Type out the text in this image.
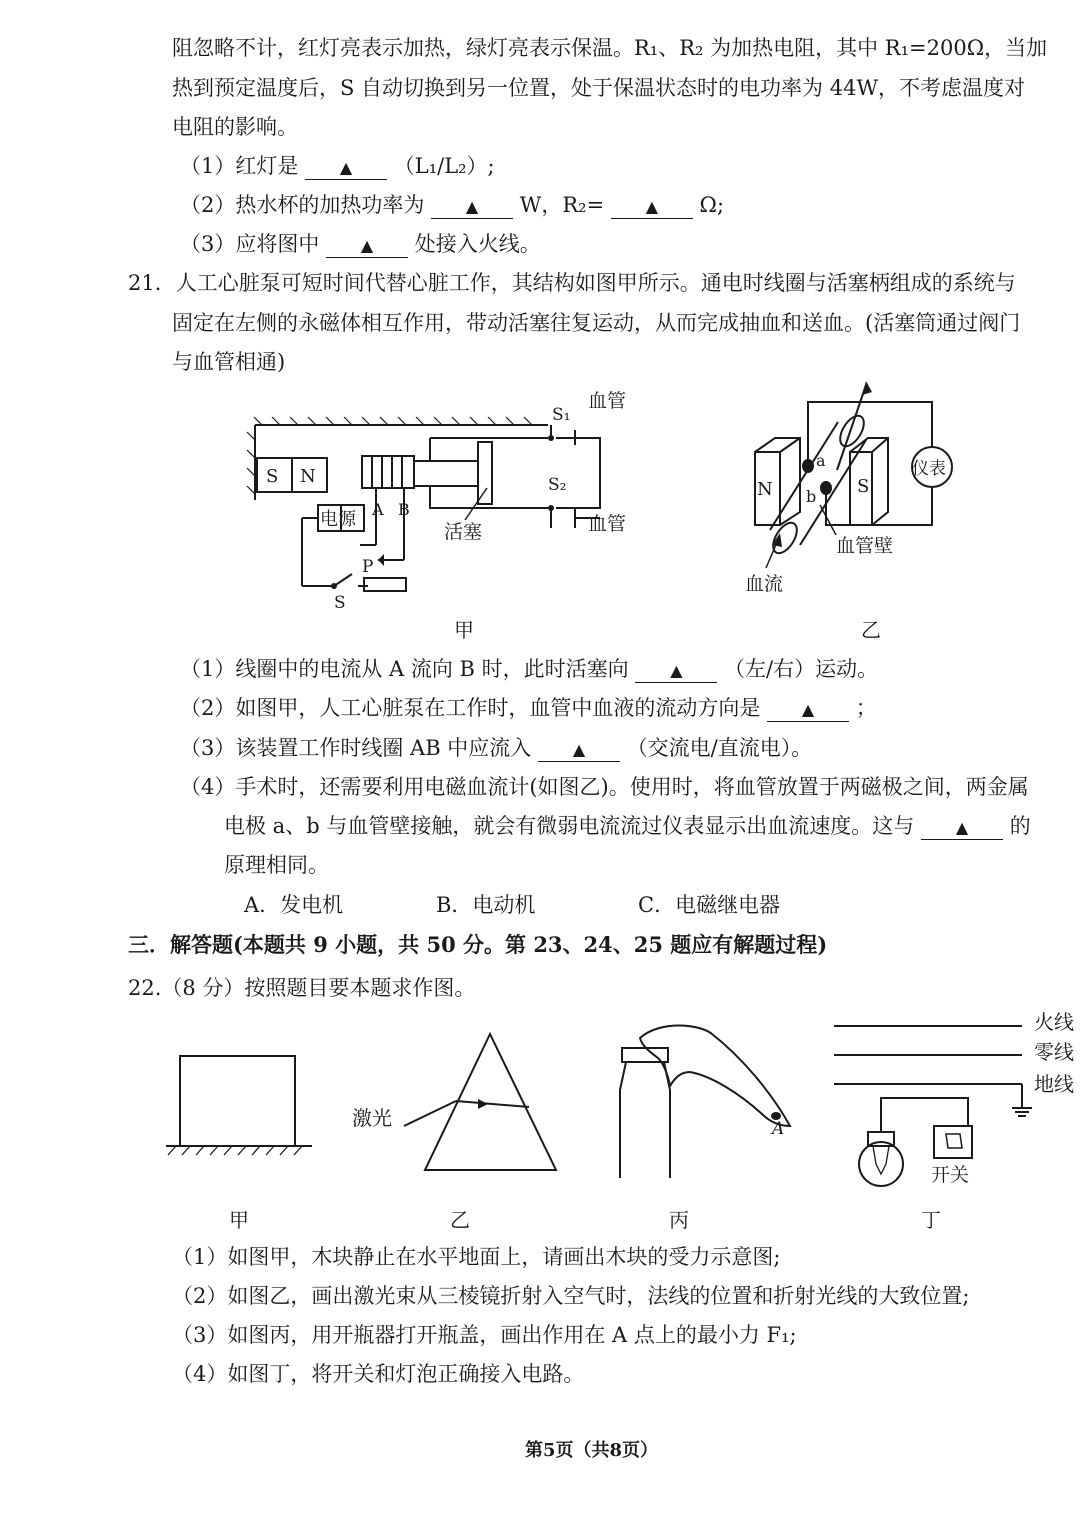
阻忽略不计，红灯亮表示加热，绿灯亮表示保温。R₁、R₂ 为加热电阻，其中 R₁=200Ω，当加
热到预定温度后，S 自动切换到另一位置，处于保温状态时的电功率为 44W，不考虑温度对
电阻的影响。
（1）红灯是	▲ （L₁/L₂）;
（2）热水杯的加热功率为	▲ W，R₂=	▲ Ω;
（3）应将图中	▲ 处接入火线。
21．人工心脏泵可短时间代替心脏工作，其结构如图甲所示。通电时线圈与活塞柄组成的系统与
固定在左侧的永磁体相互作用，带动活塞往复运动，从而完成抽血和送血。(活塞筒通过阀门
与血管相通)
S N
S₁
血管
S₂
血管
电源 A B
活塞
P
S
甲
N	S
a
b
仪表
血管壁
血流
乙
（1）线圈中的电流从 A 流向 B 时，此时活塞向	▲ （左/右）运动。
（2）如图甲，人工心脏泵在工作时，血管中血液的流动方向是	▲ ；
（3）该装置工作时线圈 AB 中应流入	▲ （交流电/直流电）。
（4）手术时，还需要利用电磁血流计(如图乙)。使用时，将血管放置于两磁极之间，两金属
电极 a、b 与血管壁接触，就会有微弱电流流过仪表显示出血流速度。这与	▲ 的
原理相同。
A．发电机	B．电动机	C．电磁继电器
三．解答题(本题共 9 小题，共 50 分。第 23、24、25 题应有解题过程)
22.（8 分）按照题目要本题求作图。
激光	A
火线
零线
地线
开关
甲	乙	丙	丁
（1）如图甲，木块静止在水平地面上，请画出木块的受力示意图;
（2）如图乙，画出激光束从三棱镜折射入空气时，法线的位置和折射光线的大致位置;
（3）如图丙，用开瓶器打开瓶盖，画出作用在 A 点上的最小力 F₁;
（4）如图丁，将开关和灯泡正确接入电路。
第5页（共8页）
